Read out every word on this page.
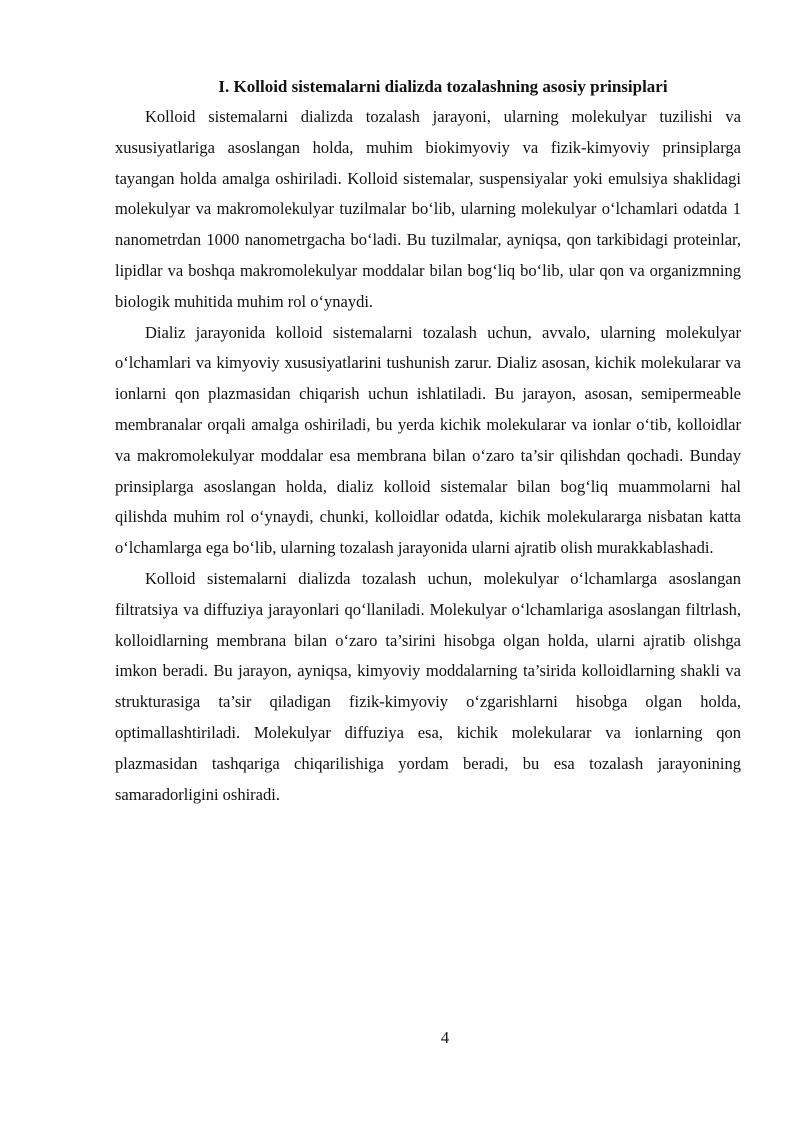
I. Kolloid sistemalarni dializda tozalashning asosiy prinsiplari

Kolloid sistemalarni dializda tozalash jarayoni, ularning molekulyar tuzilishi va xususiyatlariga asoslangan holda, muhim biokimyoviy va fizik-kimyoviy prinsiplarga tayangan holda amalga oshiriladi. Kolloid sistemalar, suspensiyalar yoki emulsiya shaklidagi molekulyar va makromolekulyar tuzilmalar bo‘lib, ularning molekulyar o‘lchamlari odatda 1 nanometrdan 1000 nanometrgacha bo‘ladi. Bu tuzilmalar, ayniqsa, qon tarkibidagi proteinlar, lipidlar va boshqa makromolekulyar moddalar bilan bog‘liq bo‘lib, ular qon va organizmning biologik muhitida muhim rol o‘ynaydi.

Dializ jarayonida kolloid sistemalarni tozalash uchun, avvalo, ularning molekulyar o‘lchamlari va kimyoviy xususiyatlarini tushunish zarur. Dializ asosan, kichik molekularar va ionlarni qon plazmasidan chiqarish uchun ishlatiladi. Bu jarayon, asosan, semipermeable membranalar orqali amalga oshiriladi, bu yerda kichik molekularar va ionlar o‘tib, kolloidlar va makromolekulyar moddalar esa membrana bilan o‘zaro ta’sir qilishdan qochadi. Bunday prinsiplarga asoslangan holda, dializ kolloid sistemalar bilan bog‘liq muammolarni hal qilishda muhim rol o‘ynaydi, chunki, kolloidlar odatda, kichik molekulararga nisbatan katta o‘lchamlarga ega bo‘lib, ularning tozalash jarayonida ularni ajratib olish murakkablashadi.

Kolloid sistemalarni dializda tozalash uchun, molekulyar o‘lchamlarga asoslangan filtratsiya va diffuziya jarayonlari qo‘llaniladi. Molekulyar o‘lchamlariga asoslangan filtrlash, kolloidlarning membrana bilan o‘zaro ta’sirini hisobga olgan holda, ularni ajratib olishga imkon beradi. Bu jarayon, ayniqsa, kimyoviy moddalarning ta’sirida kolloidlarning shakli va strukturasiga ta’sir qiladigan fizik-kimyoviy o‘zgarishlarni hisobga olgan holda, optimallashtiriladi. Molekulyar diffuziya esa, kichik molekularar va ionlarning qon plazmasidan tashqariga chiqarilishiga yordam beradi, bu esa tozalash jarayonining samaradorligini oshiradi.

4
